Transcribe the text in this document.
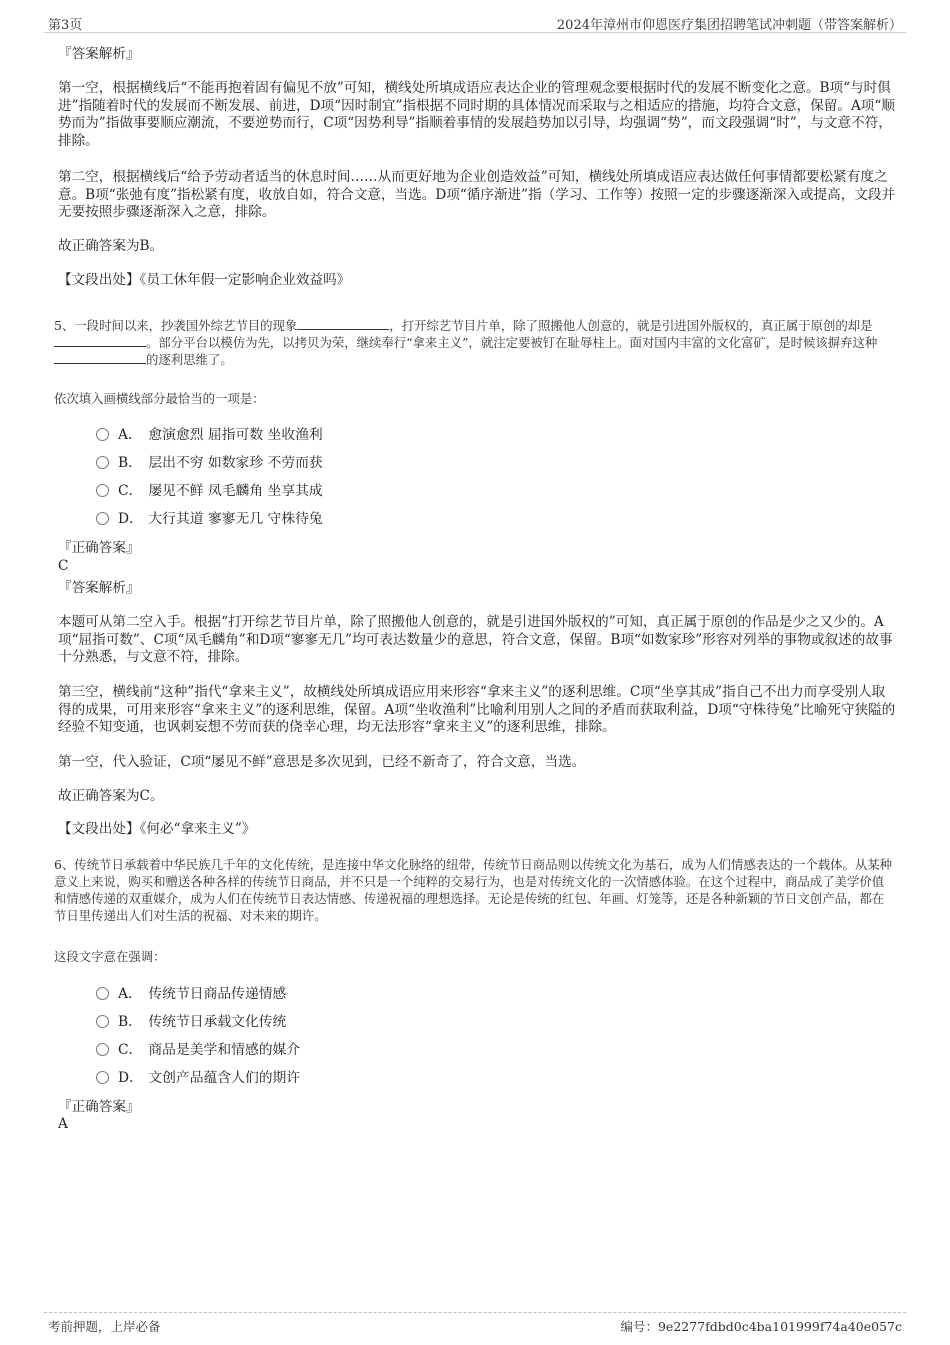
第3页	2024年漳州市仰恩医疗集团招聘笔试冲刺题（带答案解析）
『答案解析』
第一空，根据横线后“不能再抱着固有偏见不放”可知，横线处所填成语应表达企业的管理观念要根据时代的发展不断变化之意。B项“与时俱进”指随着时代的发展而不断发展、前进，D项“因时制宜”指根据不同时期的具体情况而采取与之相适应的措施，均符合文意，保留。A项“顺势而为”指做事要顺应潮流，不要逆势而行，C项“因势利导”指顺着事情的发展趋势加以引导，均强调“势”，而文段强调“时”，与文意不符，排除。
第二空，根据横线后“给予劳动者适当的休息时间……从而更好地为企业创造效益”可知，横线处所填成语应表达做任何事情都要松紧有度之意。B项“张弛有度”指松紧有度，收放自如，符合文意，当选。D项“循序渐进”指（学习、工作等）按照一定的步骤逐渐深入或提高，文段并无要按照步骤逐渐深入之意，排除。
故正确答案为B。
【文段出处】《员工休年假一定影响企业效益吗》
5、一段时间以来，抄袭国外综艺节目的现象	，打开综艺节目片单，除了照搬他人创意的，就是引进国外版权的，真正属于原创的却是。部分平台以模仿为先，以拷贝为荣，继续奉行“拿来主义”，就注定要被钉在耻辱柱上。面对国内丰富的文化富矿，是时候该摒弃这种的逐利思维了。
依次填入画横线部分最恰当的一项是：
A． 愈演愈烈 屈指可数 坐收渔利
B． 层出不穷 如数家珍 不劳而获
C． 屡见不鲜 凤毛麟角 坐享其成
D． 大行其道 寥寥无几 守株待兔
『正确答案』
C
『答案解析』
本题可从第二空入手。根据“打开综艺节目片单，除了照搬他人创意的，就是引进国外版权的”可知，真正属于原创的作品是少之又少的。A项“屈指可数”、C项“凤毛麟角”和D项“寥寥无几”均可表达数量少的意思，符合文意，保留。B项“如数家珍”形容对列举的事物或叙述的故事十分熟悉，与文意不符，排除。
第三空，横线前“这种”指代“拿来主义”，故横线处所填成语应用来形容“拿来主义”的逐利思维。C项“坐享其成”指自己不出力而享受别人取得的成果，可用来形容“拿来主义”的逐利思维，保留。A项“坐收渔利”比喻利用别人之间的矛盾而获取利益，D项“守株待兔”比喻死守狭隘的经验不知变通，也讽刺妄想不劳而获的侥幸心理，均无法形容“拿来主义”的逐利思维，排除。
第一空，代入验证，C项“屡见不鲜”意思是多次见到，已经不新奇了，符合文意，当选。
故正确答案为C。
【文段出处】《何必“拿来主义”》
6、传统节日承载着中华民族几千年的文化传统，是连接中华文化脉络的纽带，传统节日商品则以传统文化为基石，成为人们情感表达的一个载体。从某种意义上来说，购买和赠送各种各样的传统节日商品，并不只是一个纯粹的交易行为，也是对传统文化的一次情感体验。在这个过程中，商品成了美学价值和情感传递的双重媒介，成为人们在传统节日表达情感、传递祝福的理想选择。无论是传统的红包、年画、灯笼等，还是各种新颖的节日文创产品，都在节日里传递出人们对生活的祝福、对未来的期许。
这段文字意在强调：
A． 传统节日商品传递情感
B． 传统节日承载文化传统
C． 商品是美学和情感的媒介
D． 文创产品蕴含人们的期许
『正确答案』
A
考前押题，上岸必备	编号：9e2277fdbd0c4ba101999f74a40e057c
